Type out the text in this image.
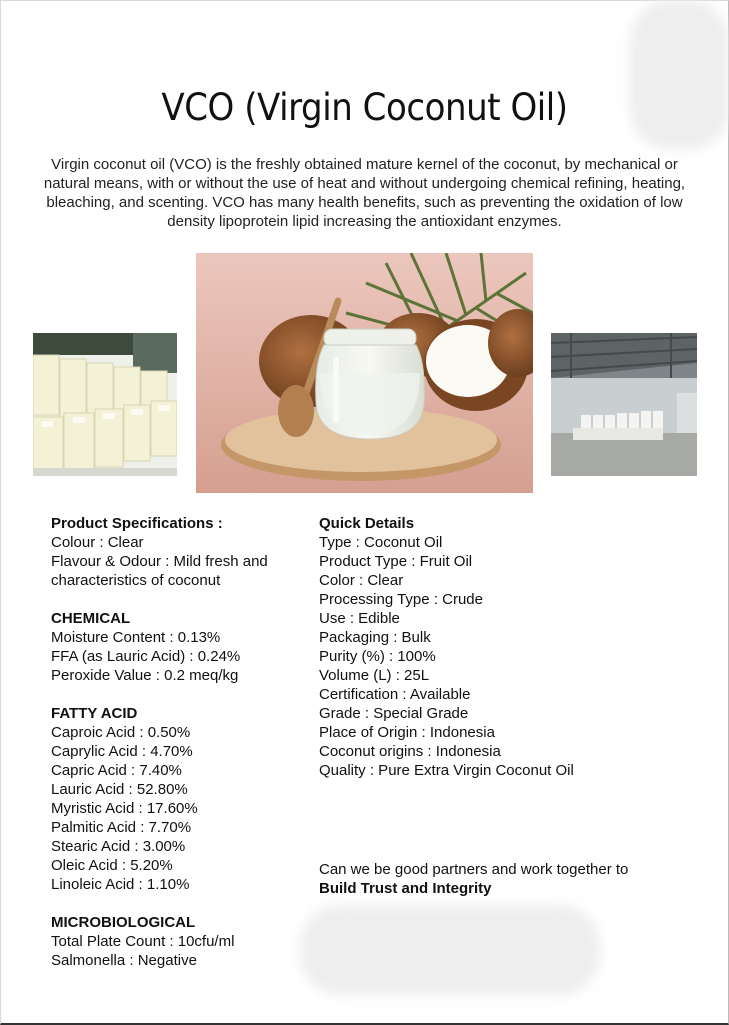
VCO (Virgin Coconut Oil)
Virgin coconut oil (VCO) is the freshly obtained mature kernel of the coconut, by mechanical or natural means, with or without the use of heat and without undergoing chemical refining, heating, bleaching, and scenting. VCO has many health benefits, such as preventing the oxidation of low density lipoprotein lipid increasing the antioxidant enzymes.
Product Specifications :
Colour : Clear
Flavour & Odour : Mild fresh and
characteristics of coconut
CHEMICAL
Moisture Content : 0.13%
FFA (as Lauric Acid) : 0.24%
Peroxide Value : 0.2 meq/kg
FATTY ACID
Caproic Acid : 0.50%
Caprylic Acid : 4.70%
Capric Acid : 7.40%
Lauric Acid : 52.80%
Myristic Acid : 17.60%
Palmitic Acid : 7.70%
Stearic Acid : 3.00%
Oleic Acid : 5.20%
Linoleic Acid : 1.10%
MICROBIOLOGICAL
Total Plate Count : 10cfu/ml
Salmonella : Negative
Quick Details
Type : Coconut Oil
Product Type : Fruit Oil
Color : Clear
Processing Type : Crude
Use : Edible
Packaging : Bulk
Purity (%) : 100%
Volume (L) : 25L
Certification : Available
Grade : Special Grade
Place of Origin : Indonesia
Coconut origins : Indonesia
Quality : Pure Extra Virgin Coconut Oil
Can we be good partners and work together to
Build Trust and Integrity
